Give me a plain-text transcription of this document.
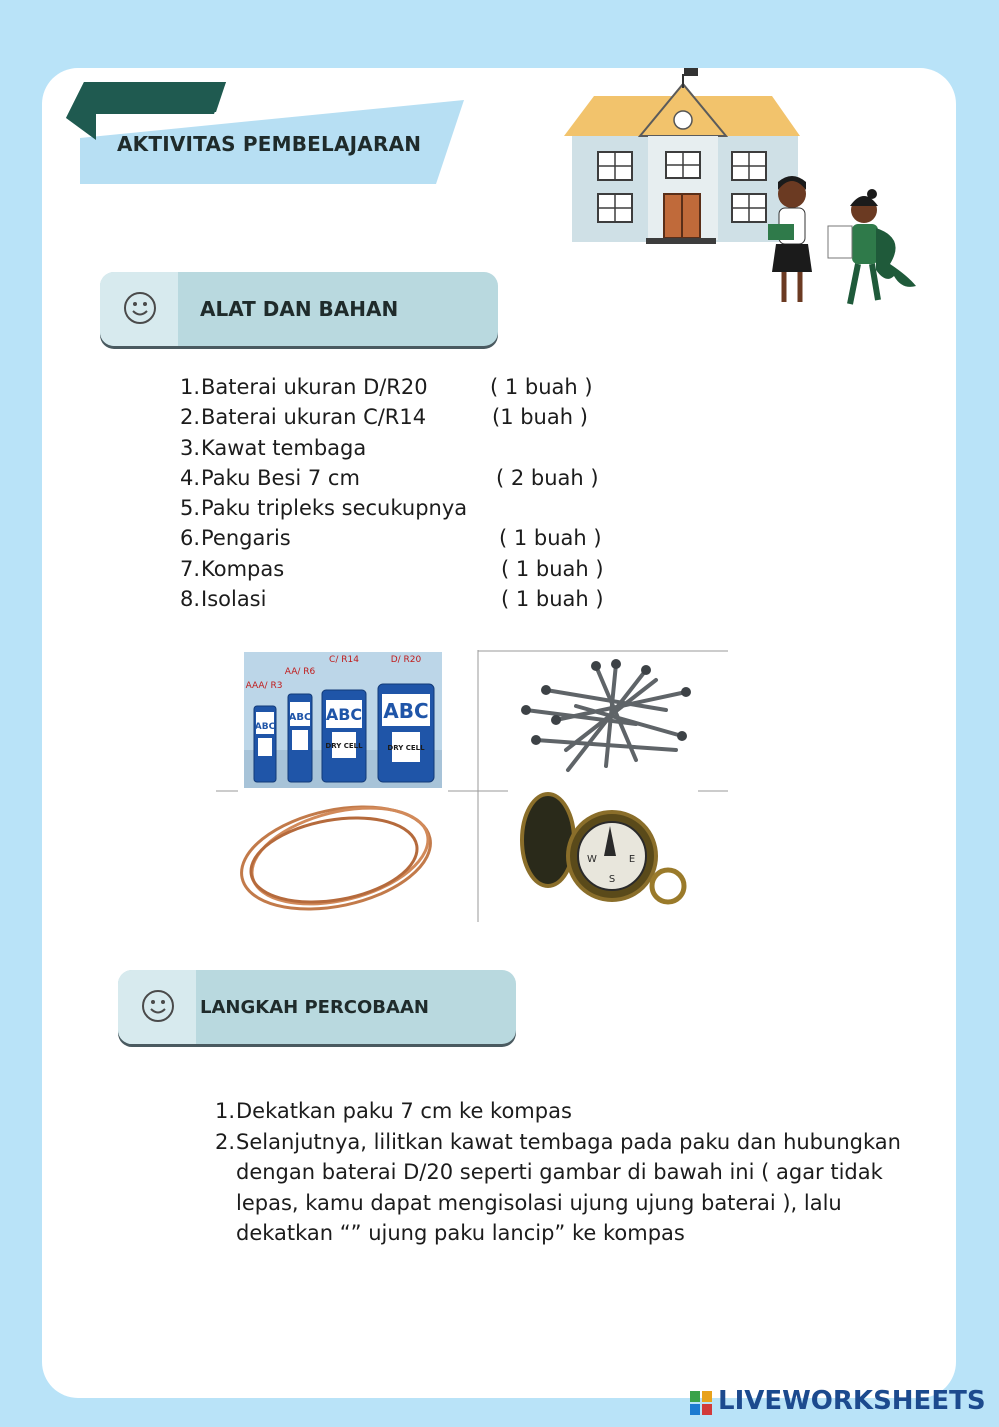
AKTIVITAS PEMBELAJARAN
ALAT DAN BAHAN
1. Baterai ukuran D/R20	( 1 buah )
2. Baterai ukuran C/R14	(1 buah )
3. Kawat tembaga
4. Paku Besi 7 cm	( 2 buah )
5. Paku tripleks secukupnya
6. Pengaris	( 1 buah )
7. Kompas	( 1 buah )
8. Isolasi	( 1 buah )
ABC
ABC ABC ABC
AAA/ R3
AA/ R6
C/ R14	D/ R20
DRY CELL	DRY CELL
E
W
S
LANGKAH PERCOBAAN
1. Dekatkan paku 7 cm ke kompas
2. Selanjutnya, lilitkan kawat tembaga pada paku dan hubungkan dengan baterai D/20 seperti gambar di bawah ini ( agar tidak lepas, kamu dapat mengisolasi ujung ujung baterai ), lalu dekatkan “” ujung paku lancip” ke kompas
LIVEWORKSHEETS
